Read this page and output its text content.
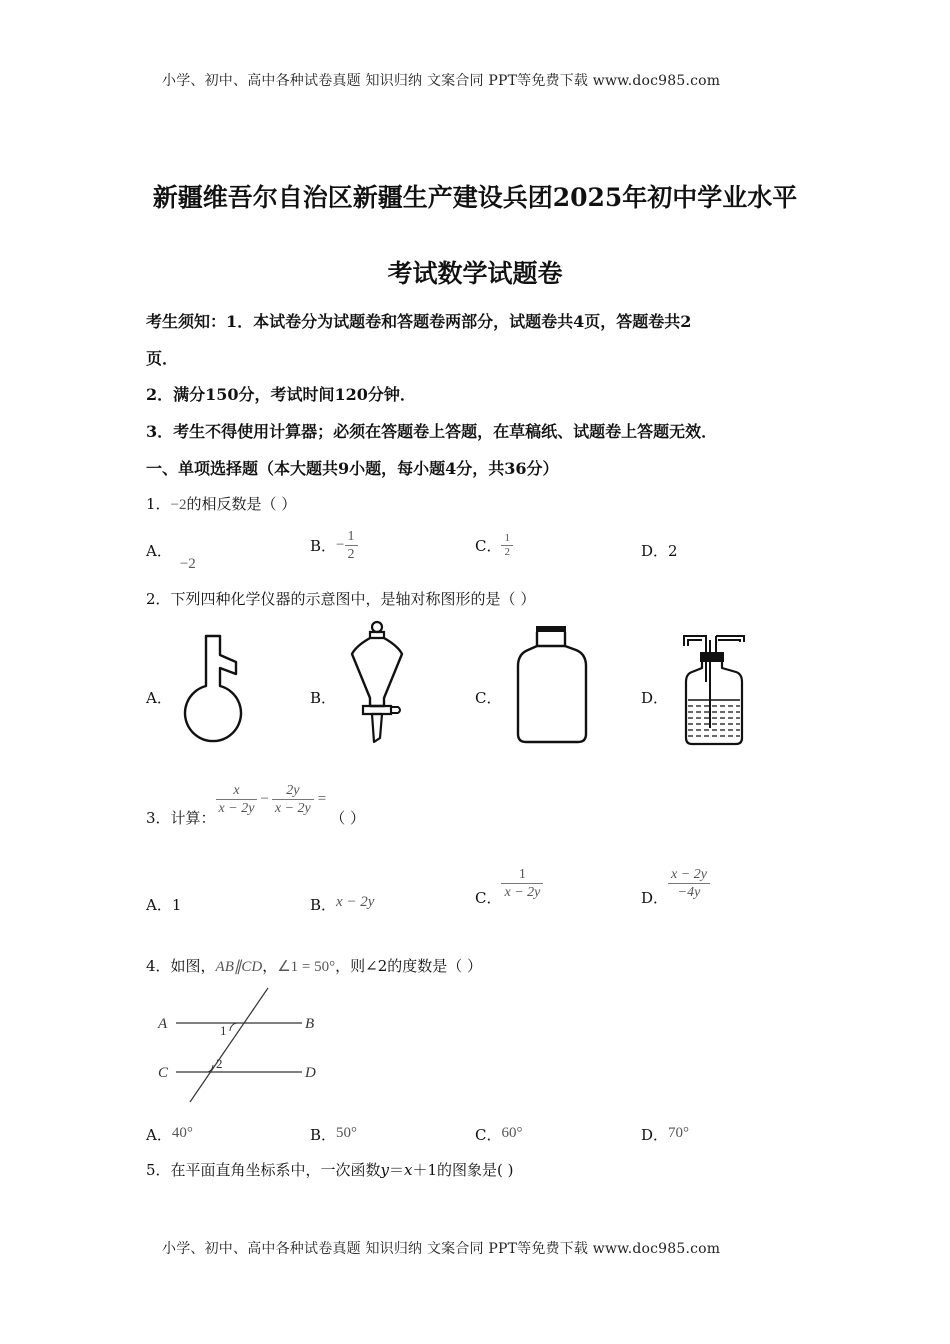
小学、初中、高中各种试卷真题 知识归纳 文案合同 PPT等免费下载 www.doc985.com
新疆维吾尔自治区新疆生产建设兵团2025年初中学业水平
考试数学试题卷
考生须知：1．本试卷分为试题卷和答题卷两部分，试题卷共4页，答题卷共2
页．
2．满分150分，考试时间120分钟．
3．考生不得使用计算器；必须在答题卷上答题，在草稿纸、试题卷上答题无效．
一、单项选择题（本大题共9小题，每小题4分，共36分）
1．−2的相反数是（ ）
A．−2
B．− $\frac{1}{2}$	C． $\frac{1}{2}$	D．2
2．下列四种化学仪器的示意图中，是轴对称图形的是（ ）
A．	B．	C．	D．
3．计算：
$\frac{x}{x - 2y} - \frac{2y}{x - 2y}$ =（ ）
A．1	B．x − 2y	C． $\frac{1}{x - 2y}$	D． $\frac{x - 2y}{-4y}$
4．如图，AB∥CD，∠1 = 50°，则∠2的度数是（ ）
A	B
C	D
1
2
A．40°	B．50°	C．60°	D．70°
5．在平面直角坐标系中，一次函数y＝x＋1的图象是( )
小学、初中、高中各种试卷真题 知识归纳 文案合同 PPT等免费下载 www.doc985.com
